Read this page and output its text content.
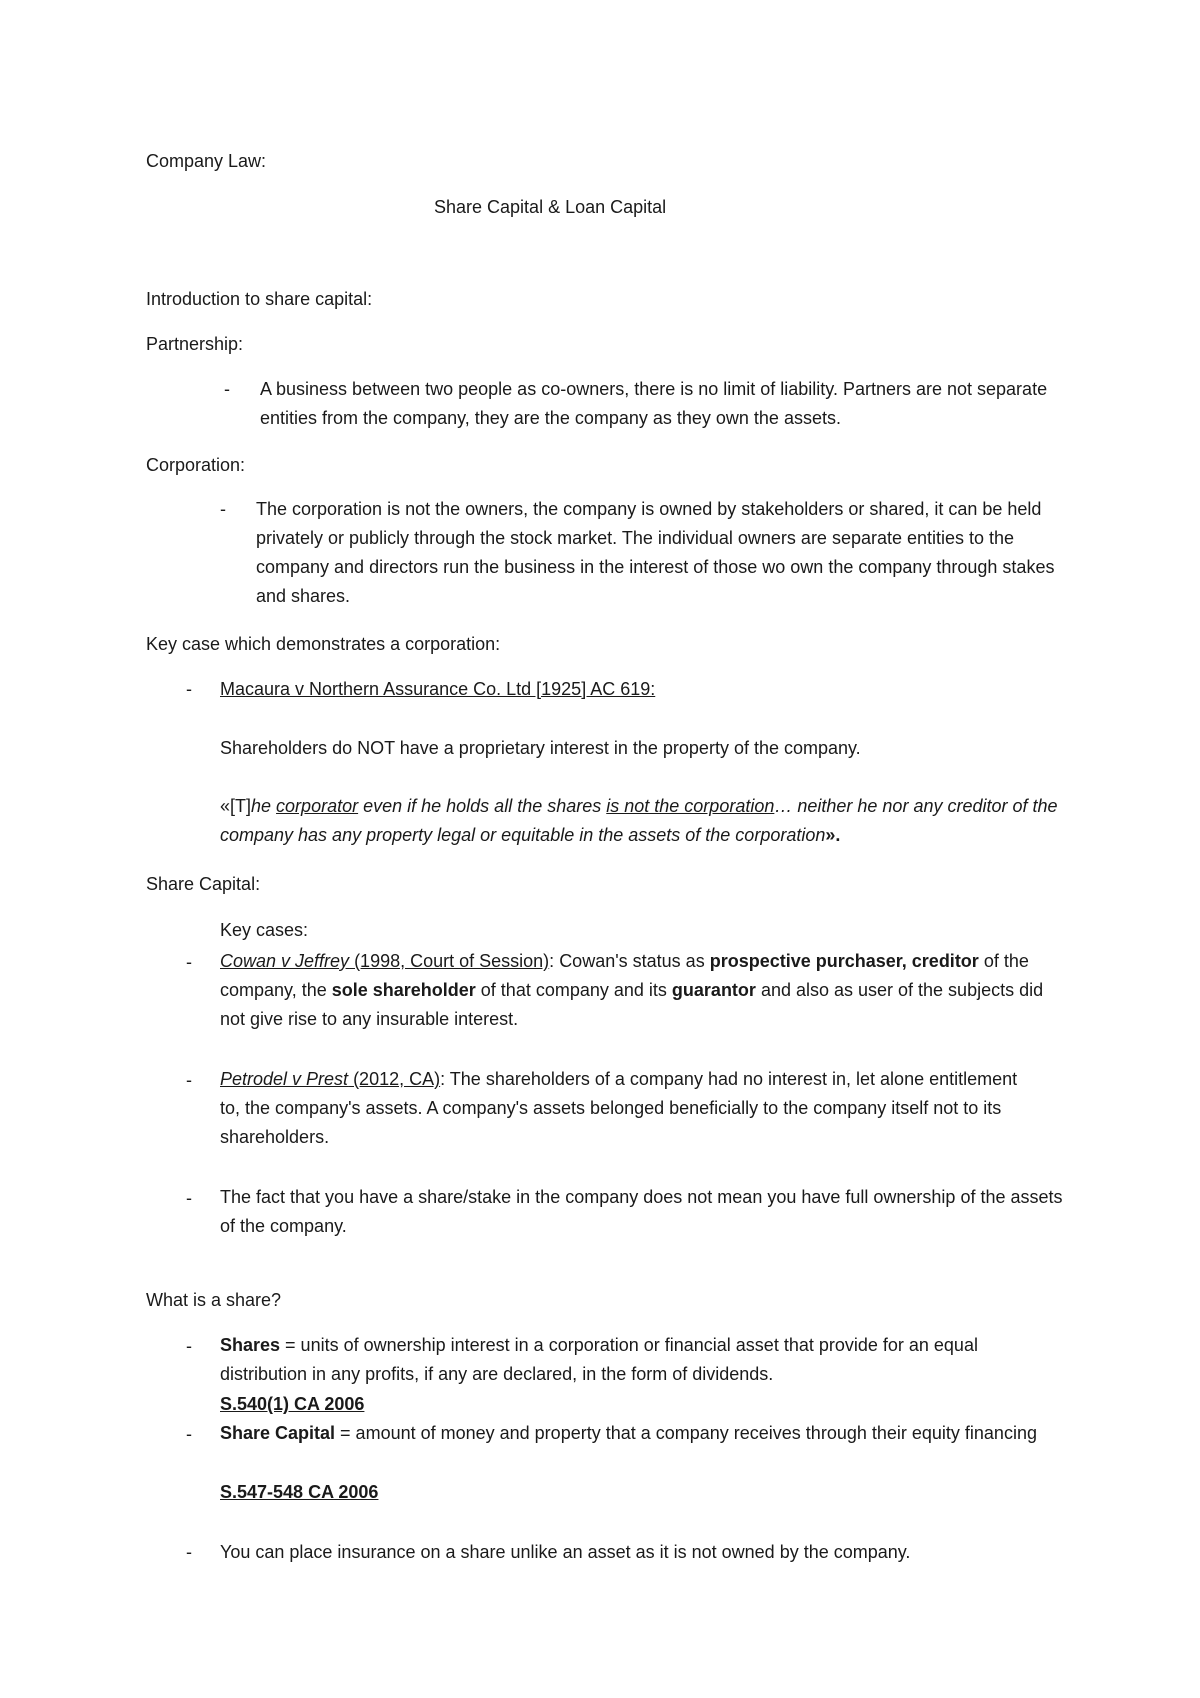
Company Law:
Share Capital & Loan Capital
Introduction to share capital:
Partnership:
- A business between two people as co-owners, there is no limit of liability. Partners are not separate entities from the company, they are the company as they own the assets.
Corporation:
- The corporation is not the owners, the company is owned by stakeholders or shared, it can be held privately or publicly through the stock market. The individual owners are separate entities to the company and directors run the business in the interest of those wo own the company through stakes and shares.
Key case which demonstrates a corporation:
- Macaura v Northern Assurance Co. Ltd [1925] AC 619:
Shareholders do NOT have a proprietary interest in the property of the company.
«[T]he corporator even if he holds all the shares is not the corporation… neither he nor any creditor of the company has any property legal or equitable in the assets of the corporation».
Share Capital:
Key cases:
- Cowan v Jeffrey (1998, Court of Session): Cowan's status as prospective purchaser, creditor of the company, the sole shareholder of that company and its guarantor and also as user of the subjects did not give rise to any insurable interest.
- Petrodel v Prest (2012, CA): The shareholders of a company had no interest in, let alone entitlement to, the company's assets. A company's assets belonged beneficially to the company itself not to its shareholders.
- The fact that you have a share/stake in the company does not mean you have full ownership of the assets of the company.
What is a share?
- Shares = units of ownership interest in a corporation or financial asset that provide for an equal distribution in any profits, if any are declared, in the form of dividends.
S.540(1) CA 2006
- Share Capital = amount of money and property that a company receives through their equity financing
S.547-548 CA 2006
- You can place insurance on a share unlike an asset as it is not owned by the company.
